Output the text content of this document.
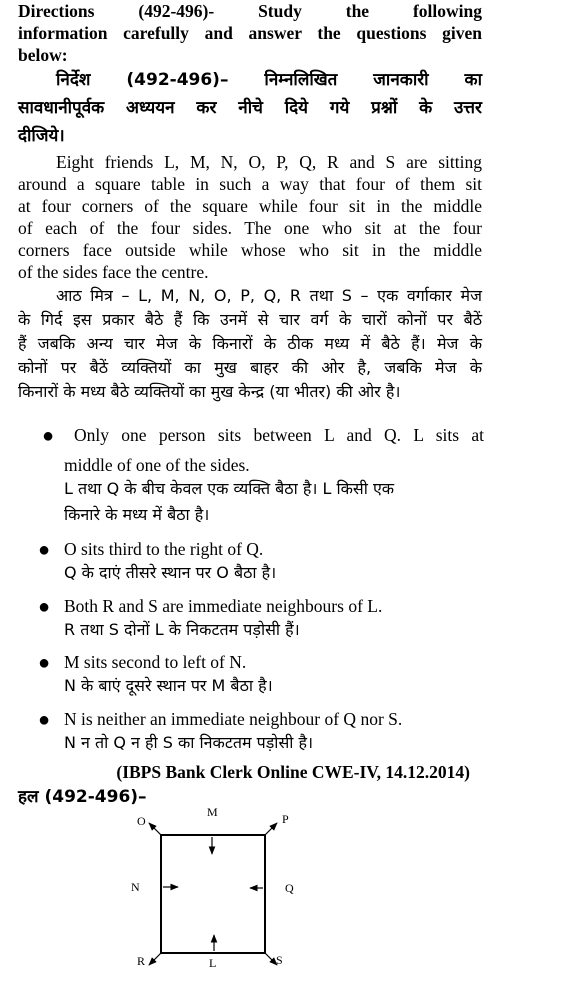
Directions (492-496)- Study the following
information carefully and answer the questions given
below:
निर्देश (492-496)– निम्नलिखित जानकारी का
सावधानीपूर्वक अध्ययन कर नीचे दिये गये प्रश्नों के उत्तर
दीजिये।
Eight friends L, M, N, O, P, Q, R and S are sitting
around a square table in such a way that four of them sit
at four corners of the square while four sit in the middle
of each of the four sides. The one who sit at the four
corners face outside while whose who sit in the middle
of the sides face the centre.
आठ मित्र – L, M, N, O, P, Q, R तथा S – एक वर्गाकार मेज
के गिर्द इस प्रकार बैठे हैं कि उनमें से चार वर्ग के चारों कोनों पर बैठें
हैं जबकि अन्य चार मेज के किनारों के ठीक मध्य में बैठे हैं। मेज के
कोनों पर बैठें व्यक्तियों का मुख बाहर की ओर है, जबकि मेज के
किनारों के मध्य बैठे व्यक्तियों का मुख केन्द्र (या भीतर) की ओर है।
● Only one person sits between L and Q. L sits at
middle of one of the sides.
L तथा Q के बीच केवल एक व्यक्ति बैठा है। L किसी एक
किनारे के मध्य में बैठा है।
● O sits third to the right of Q.
Q के दाएं तीसरे स्थान पर O बैठा है।
● Both R and S are immediate neighbours of L.
R तथा S दोनों L के निकटतम पड़ोसी हैं।
● M sits second to left of N.
N के बाएं दूसरे स्थान पर M बैठा है।
● N is neither an immediate neighbour of Q nor S.
N न तो Q न ही S का निकटतम पड़ोसी है।
(IBPS Bank Clerk Online CWE-IV, 14.12.2014)
हल (492-496)–
O	P
R	S
M
L
N	Q
